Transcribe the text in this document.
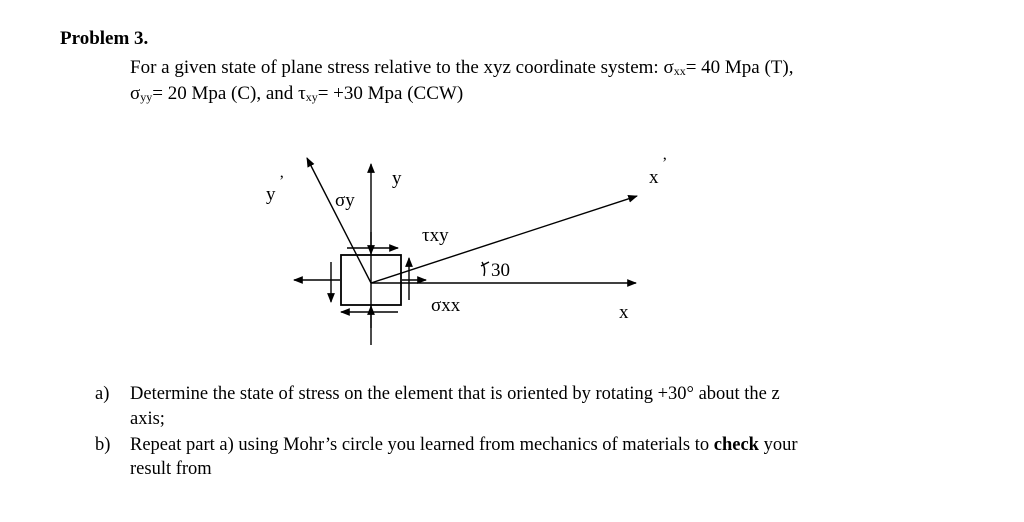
Problem 3.
For a given state of plane stress relative to the xyz coordinate system: σxx= 40 Mpa (T),
σyy= 20 Mpa (C), and τxy= +30 Mpa (CCW)
y
y
’	x
’
x
σy
τxy
σxx
30
a) Determine the state of stress on the element that is oriented by rotating +30° about the z
axis;
b) Repeat part a) using Mohr’s circle you learned from mechanics of materials to check your
result from
